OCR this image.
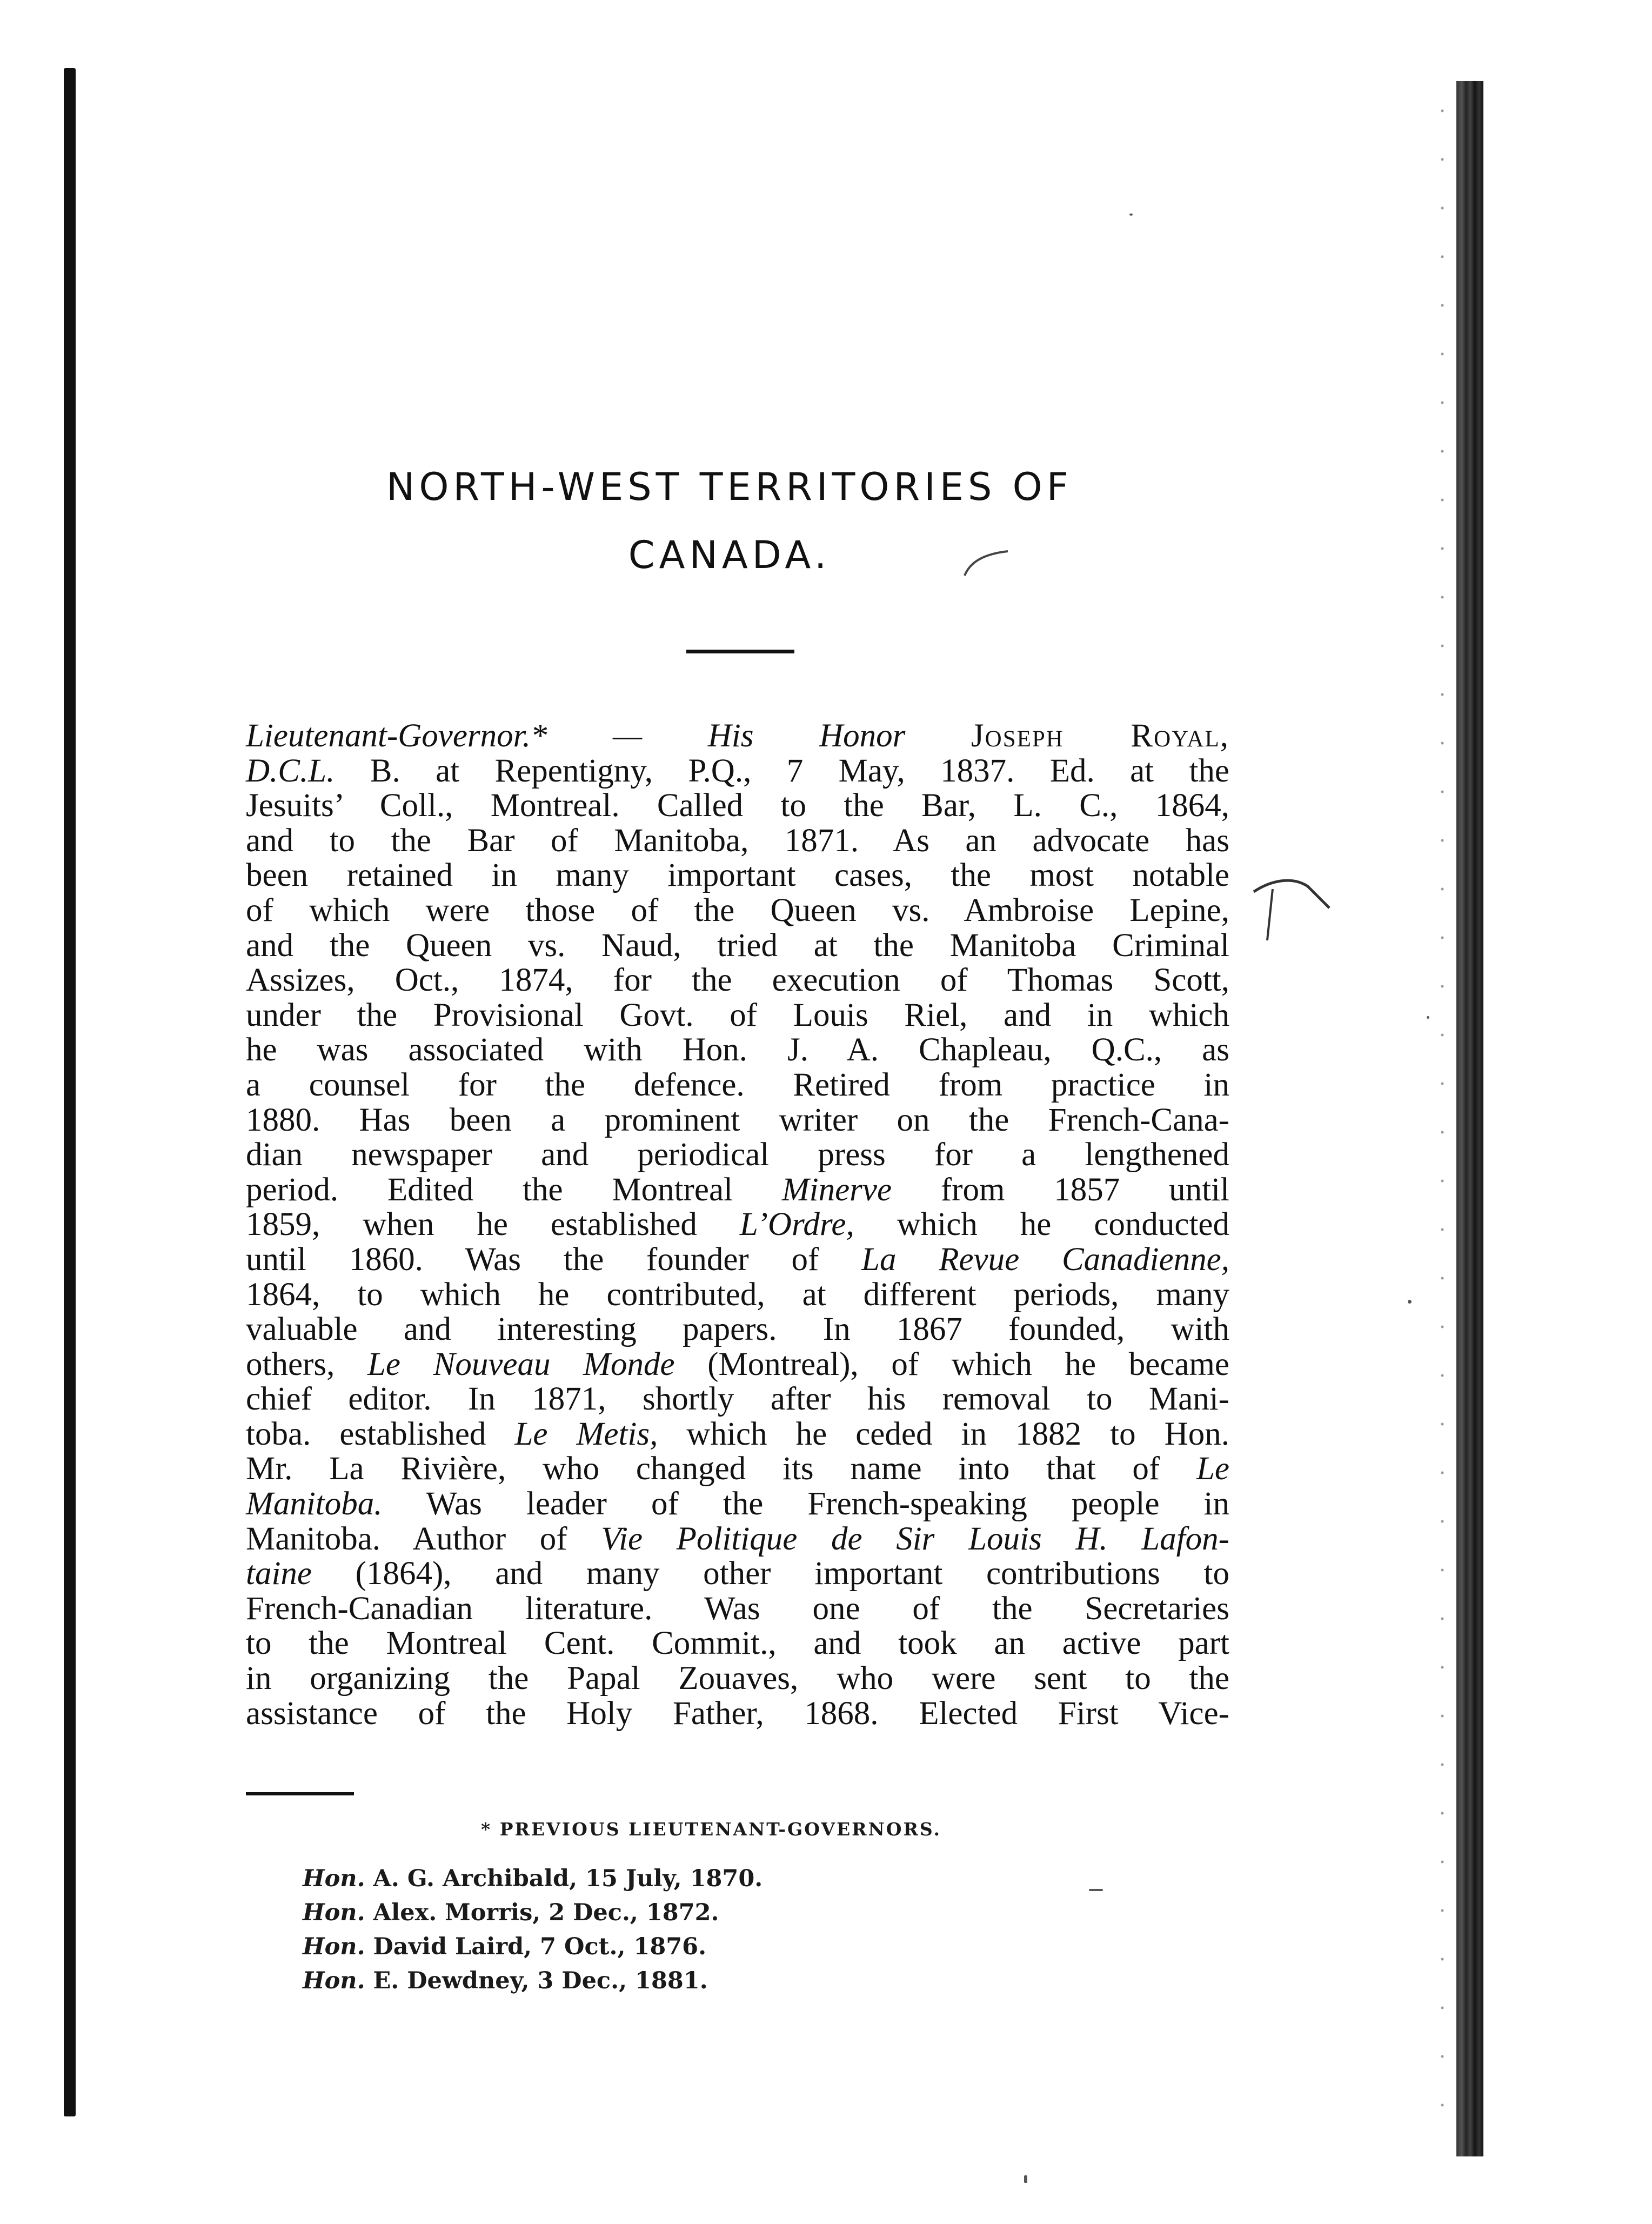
NORTH-WEST TERRITORIES OF
CANADA.
Lieutenant-Governor.* — His Honor Joseph Royal,
D.C.L. B. at Repentigny, P.Q., 7 May, 1837. Ed. at the
Jesuits’ Coll., Montreal. Called to the Bar, L. C., 1864,
and to the Bar of Manitoba, 1871. As an advocate has
been retained in many important cases, the most notable
of which were those of the Queen vs. Ambroise Lepine,
and the Queen vs. Naud, tried at the Manitoba Criminal
Assizes, Oct., 1874, for the execution of Thomas Scott,
under the Provisional Govt. of Louis Riel, and in which
he was associated with Hon. J. A. Chapleau, Q.C., as
a counsel for the defence. Retired from practice in
1880. Has been a prominent writer on the French-Cana-
dian newspaper and periodical press for a lengthened
period. Edited the Montreal Minerve from 1857 until
1859, when he established L’Ordre, which he conducted
until 1860. Was the founder of La Revue Canadienne,
1864, to which he contributed, at different periods, many
valuable and interesting papers. In 1867 founded, with
others, Le Nouveau Monde (Montreal), of which he became
chief editor. In 1871, shortly after his removal to Mani-
toba. established Le Metis, which he ceded in 1882 to Hon.
Mr. La Rivière, who changed its name into that of Le
Manitoba. Was leader of the French-speaking people in
Manitoba. Author of Vie Politique de Sir Louis H. Lafon-
taine (1864), and many other important contributions to
French-Canadian literature. Was one of the Secretaries
to the Montreal Cent. Commit., and took an active part
in organizing the Papal Zouaves, who were sent to the
assistance of the Holy Father, 1868. Elected First Vice-
* PREVIOUS LIEUTENANT-GOVERNORS.
Hon. A. G. Archibald, 15 July, 1870.
Hon. Alex. Morris, 2 Dec., 1872.
Hon. David Laird, 7 Oct., 1876.
Hon. E. Dewdney, 3 Dec., 1881.
